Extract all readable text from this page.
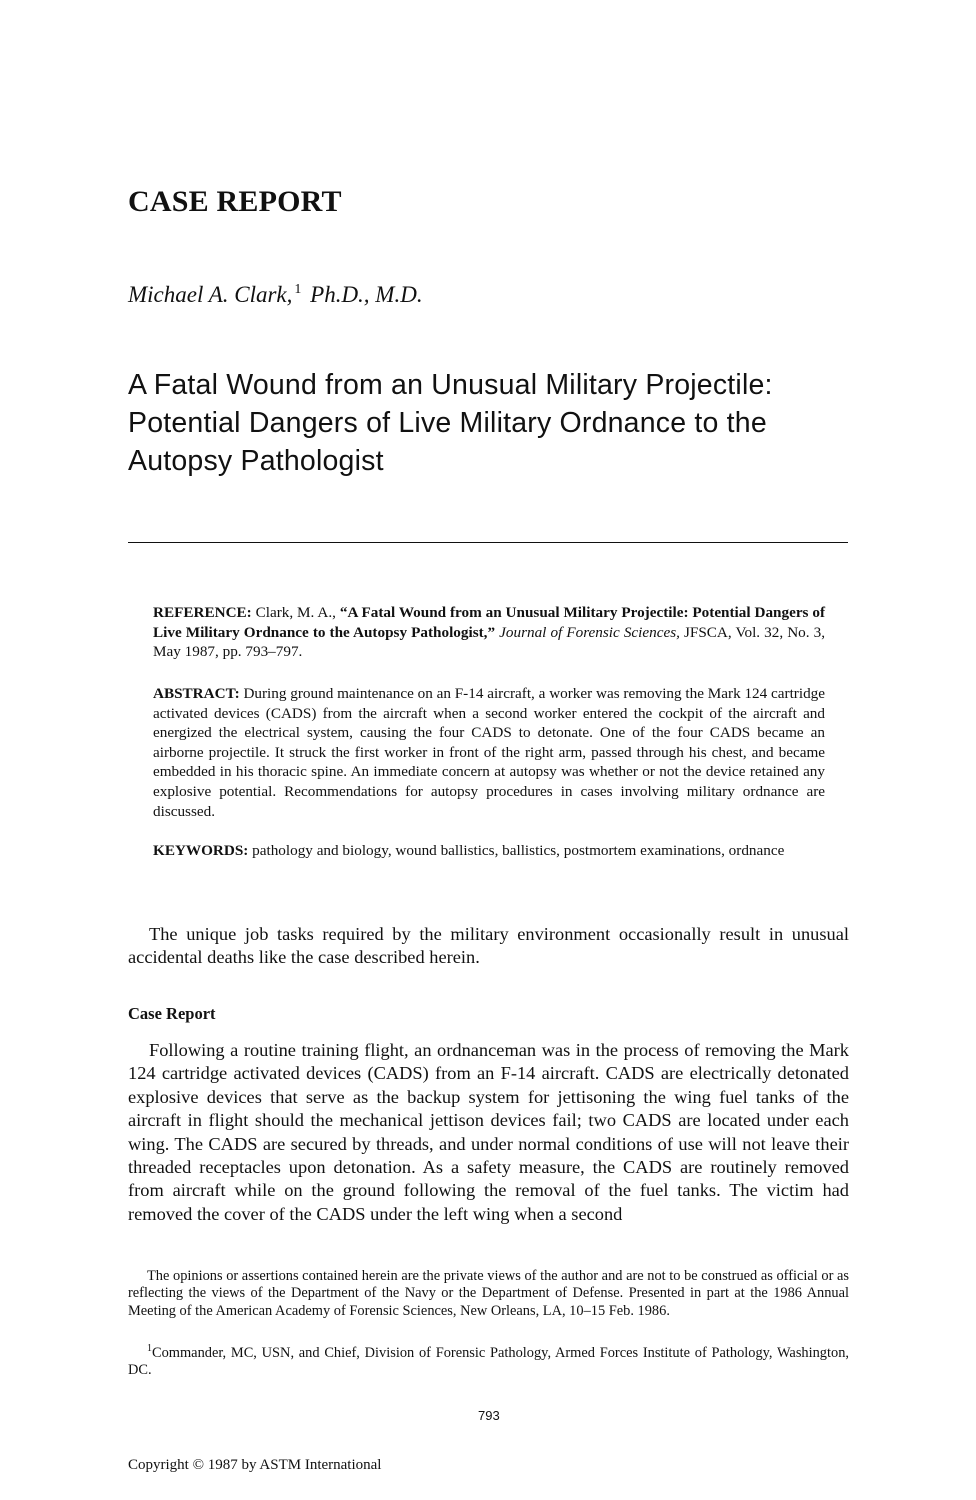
CASE REPORT
Michael A. Clark, $^1$ Ph.D., M.D.
A Fatal Wound from an Unusual Military Projectile:
Potential Dangers of Live Military Ordnance to the
Autopsy Pathologist
REFERENCE: Clark, M. A., “A Fatal Wound from an Unusual Military Projectile: Potential Dangers of Live Military Ordnance to the Autopsy Pathologist,” Journal of Forensic Sciences, JFSCA, Vol. 32, No. 3, May 1987, pp. 793–797.
ABSTRACT: During ground maintenance on an F-14 aircraft, a worker was removing the Mark 124 cartridge activated devices (CADS) from the aircraft when a second worker entered the cockpit of the aircraft and energized the electrical system, causing the four CADS to detonate. One of the four CADS became an airborne projectile. It struck the first worker in front of the right arm, passed through his chest, and became embedded in his thoracic spine. An immediate concern at autopsy was whether or not the device retained any explosive potential. Recommendations for autopsy procedures in cases involving military ordnance are discussed.
KEYWORDS: pathology and biology, wound ballistics, ballistics, postmortem examinations, ordnance
The unique job tasks required by the military environment occasionally result in unusual accidental deaths like the case described herein.
Case Report
Following a routine training flight, an ordnanceman was in the process of removing the Mark 124 cartridge activated devices (CADS) from an F-14 aircraft. CADS are electrically detonated explosive devices that serve as the backup system for jettisoning the wing fuel tanks of the aircraft in flight should the mechanical jettison devices fail; two CADS are located under each wing. The CADS are secured by threads, and under normal conditions of use will not leave their threaded receptacles upon detonation. As a safety measure, the CADS are routinely removed from aircraft while on the ground following the removal of the fuel tanks. The victim had removed the cover of the CADS under the left wing when a second
The opinions or assertions contained herein are the private views of the author and are not to be construed as official or as reflecting the views of the Department of the Navy or the Department of Defense. Presented in part at the 1986 Annual Meeting of the American Academy of Forensic Sciences, New Orleans, LA, 10–15 Feb. 1986.
$^1$Commander, MC, USN, and Chief, Division of Forensic Pathology, Armed Forces Institute of Pathology, Washington, DC.
793
Copyright © 1987 by ASTM International
